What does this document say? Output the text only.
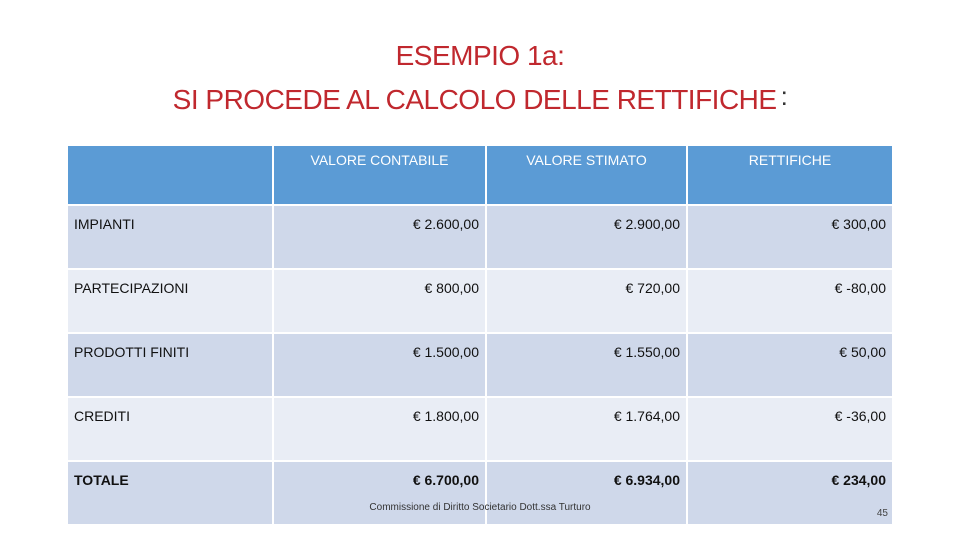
ESEMPIO 1a:
SI PROCEDE AL CALCOLO DELLE RETTIFICHE :
	VALORE CONTABILE	VALORE STIMATO	RETTIFICHE
IMPIANTI	€ 2.600,00	€ 2.900,00	€ 300,00
PARTECIPAZIONI	€ 800,00	€ 720,00	€ -80,00
PRODOTTI FINITI	€ 1.500,00	€ 1.550,00	€ 50,00
CREDITI	€ 1.800,00	€ 1.764,00	€ -36,00
TOTALE	€ 6.700,00	€ 6.934,00	€ 234,00
Commissione di Diritto Societario Dott.ssa Turturo
45
